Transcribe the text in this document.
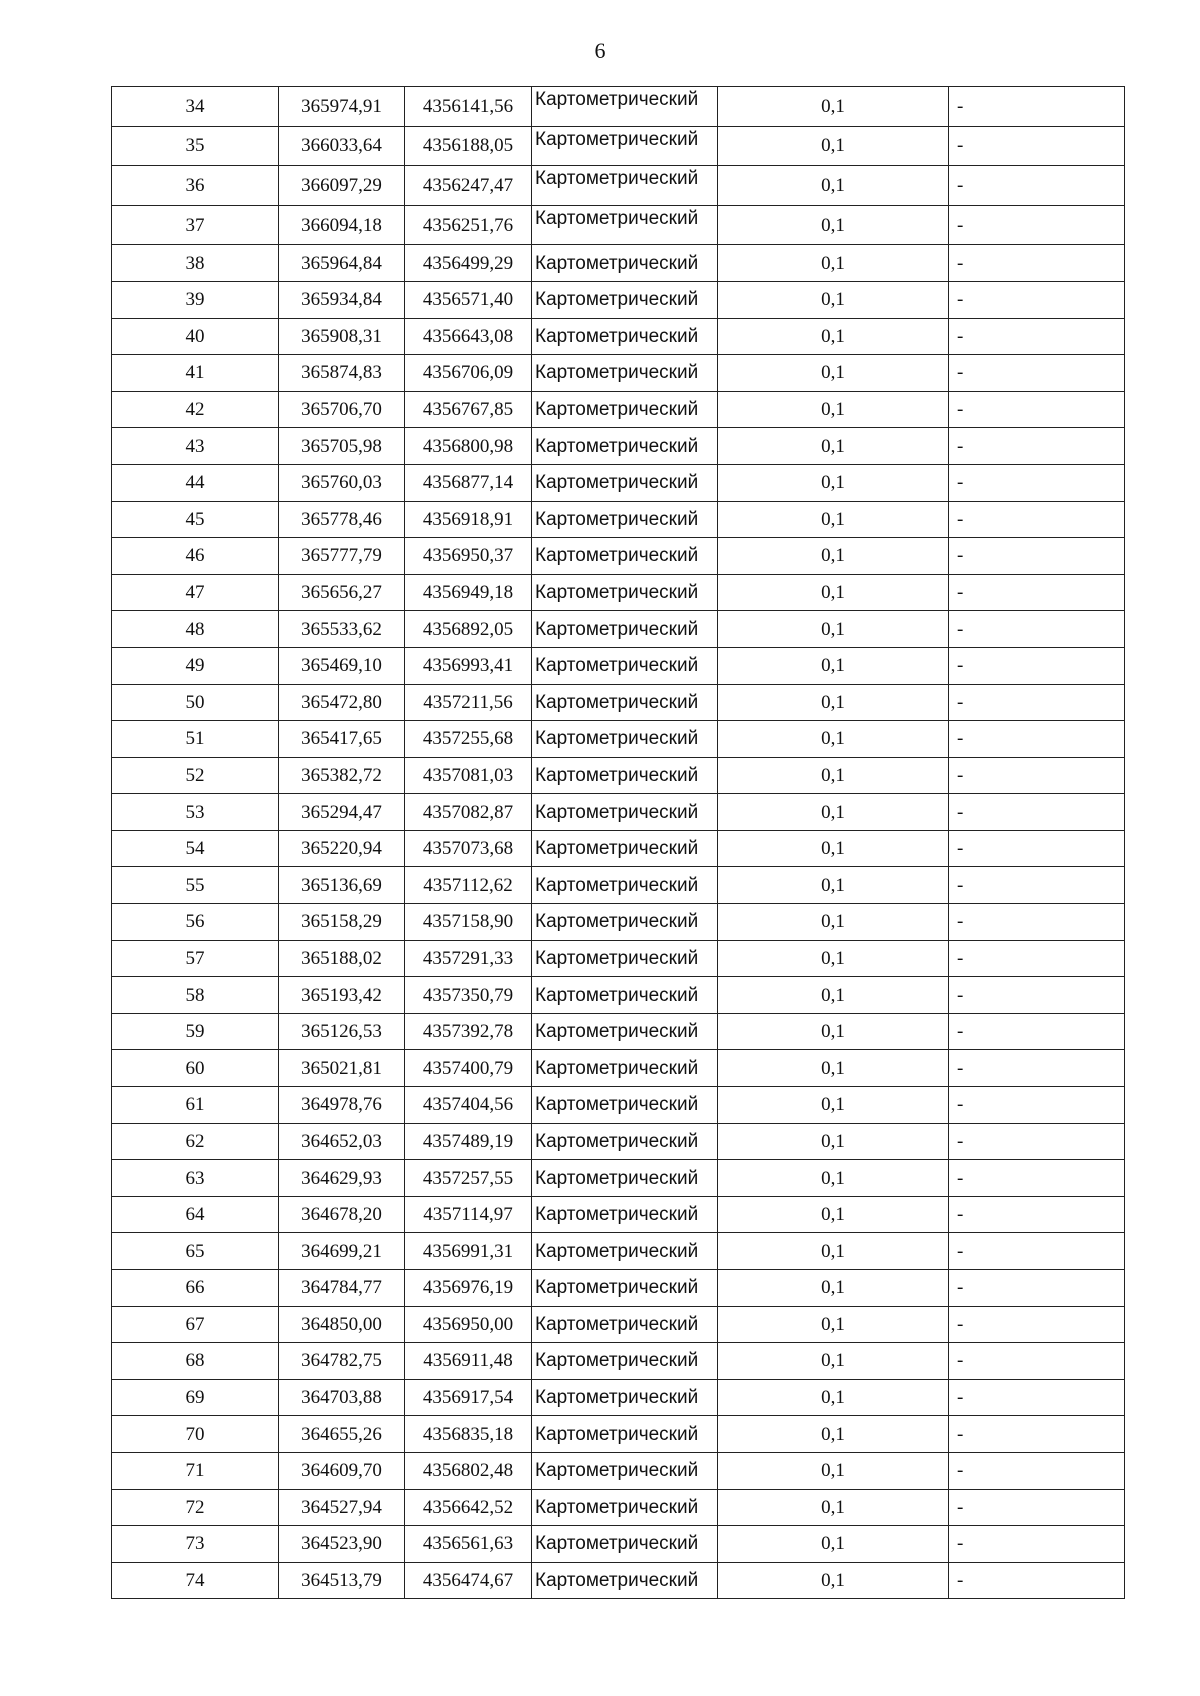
6
34	365974,91	4356141,56	Картометрический	0,1	-
35	366033,64	4356188,05	Картометрический	0,1	-
36	366097,29	4356247,47	Картометрический	0,1	-
37	366094,18	4356251,76	Картометрический	0,1	-
38	365964,84	4356499,29	Картометрический	0,1	-
39	365934,84	4356571,40	Картометрический	0,1	-
40	365908,31	4356643,08	Картометрический	0,1	-
41	365874,83	4356706,09	Картометрический	0,1	-
42	365706,70	4356767,85	Картометрический	0,1	-
43	365705,98	4356800,98	Картометрический	0,1	-
44	365760,03	4356877,14	Картометрический	0,1	-
45	365778,46	4356918,91	Картометрический	0,1	-
46	365777,79	4356950,37	Картометрический	0,1	-
47	365656,27	4356949,18	Картометрический	0,1	-
48	365533,62	4356892,05	Картометрический	0,1	-
49	365469,10	4356993,41	Картометрический	0,1	-
50	365472,80	4357211,56	Картометрический	0,1	-
51	365417,65	4357255,68	Картометрический	0,1	-
52	365382,72	4357081,03	Картометрический	0,1	-
53	365294,47	4357082,87	Картометрический	0,1	-
54	365220,94	4357073,68	Картометрический	0,1	-
55	365136,69	4357112,62	Картометрический	0,1	-
56	365158,29	4357158,90	Картометрический	0,1	-
57	365188,02	4357291,33	Картометрический	0,1	-
58	365193,42	4357350,79	Картометрический	0,1	-
59	365126,53	4357392,78	Картометрический	0,1	-
60	365021,81	4357400,79	Картометрический	0,1	-
61	364978,76	4357404,56	Картометрический	0,1	-
62	364652,03	4357489,19	Картометрический	0,1	-
63	364629,93	4357257,55	Картометрический	0,1	-
64	364678,20	4357114,97	Картометрический	0,1	-
65	364699,21	4356991,31	Картометрический	0,1	-
66	364784,77	4356976,19	Картометрический	0,1	-
67	364850,00	4356950,00	Картометрический	0,1	-
68	364782,75	4356911,48	Картометрический	0,1	-
69	364703,88	4356917,54	Картометрический	0,1	-
70	364655,26	4356835,18	Картометрический	0,1	-
71	364609,70	4356802,48	Картометрический	0,1	-
72	364527,94	4356642,52	Картометрический	0,1	-
73	364523,90	4356561,63	Картометрический	0,1	-
74	364513,79	4356474,67	Картометрический	0,1	-
